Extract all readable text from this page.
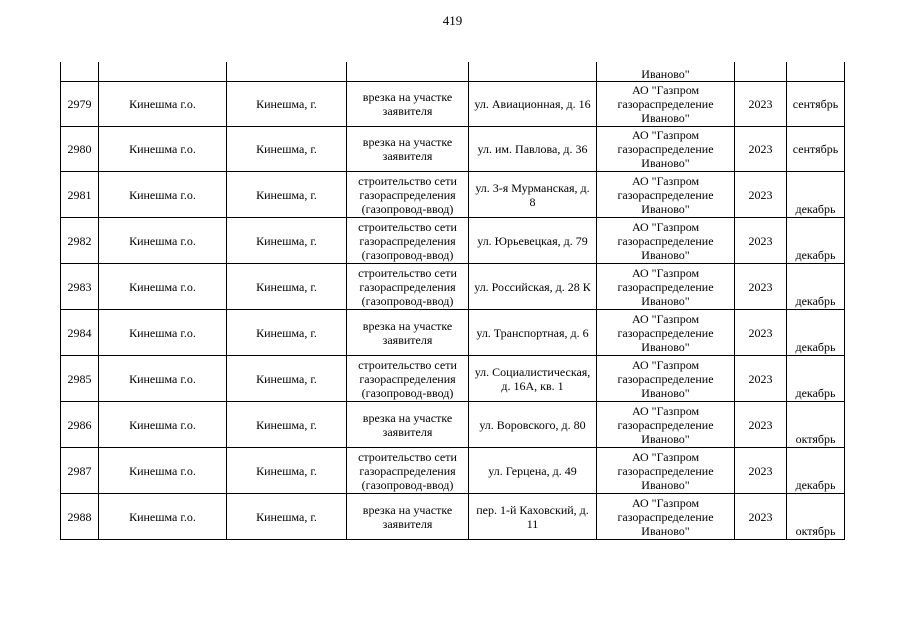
419
					Иваново"		
2979	Кинешма г.о.	Кинешма, г.	врезка на участке заявителя	ул. Авиационная, д. 16	АО "Газпром газораспределение Иваново"	2023	сентябрь
2980	Кинешма г.о.	Кинешма, г.	врезка на участке заявителя	ул. им. Павлова, д. 36	АО "Газпром газораспределение Иваново"	2023	сентябрь
2981	Кинешма г.о.	Кинешма, г.	строительство сети газораспределения (газопровод-ввод)	ул. 3-я Мурманская, д. 8	АО "Газпром газораспределение Иваново"	2023	декабрь
2982	Кинешма г.о.	Кинешма, г.	строительство сети газораспределения (газопровод-ввод)	ул. Юрьевецкая, д. 79	АО "Газпром газораспределение Иваново"	2023	декабрь
2983	Кинешма г.о.	Кинешма, г.	строительство сети газораспределения (газопровод-ввод)	ул. Российская, д. 28 К	АО "Газпром газораспределение Иваново"	2023	декабрь
2984	Кинешма г.о.	Кинешма, г.	врезка на участке заявителя	ул. Транспортная, д. 6	АО "Газпром газораспределение Иваново"	2023	декабрь
2985	Кинешма г.о.	Кинешма, г.	строительство сети газораспределения (газопровод-ввод)	ул. Социалистическая, д. 16А, кв. 1	АО "Газпром газораспределение Иваново"	2023	декабрь
2986	Кинешма г.о.	Кинешма, г.	врезка на участке заявителя	ул. Воровского, д. 80	АО "Газпром газораспределение Иваново"	2023	октябрь
2987	Кинешма г.о.	Кинешма, г.	строительство сети газораспределения (газопровод-ввод)	ул. Герцена, д. 49	АО "Газпром газораспределение Иваново"	2023	декабрь
2988	Кинешма г.о.	Кинешма, г.	врезка на участке заявителя	пер. 1-й Каховский, д. 11	АО "Газпром газораспределение Иваново"	2023	октябрь
